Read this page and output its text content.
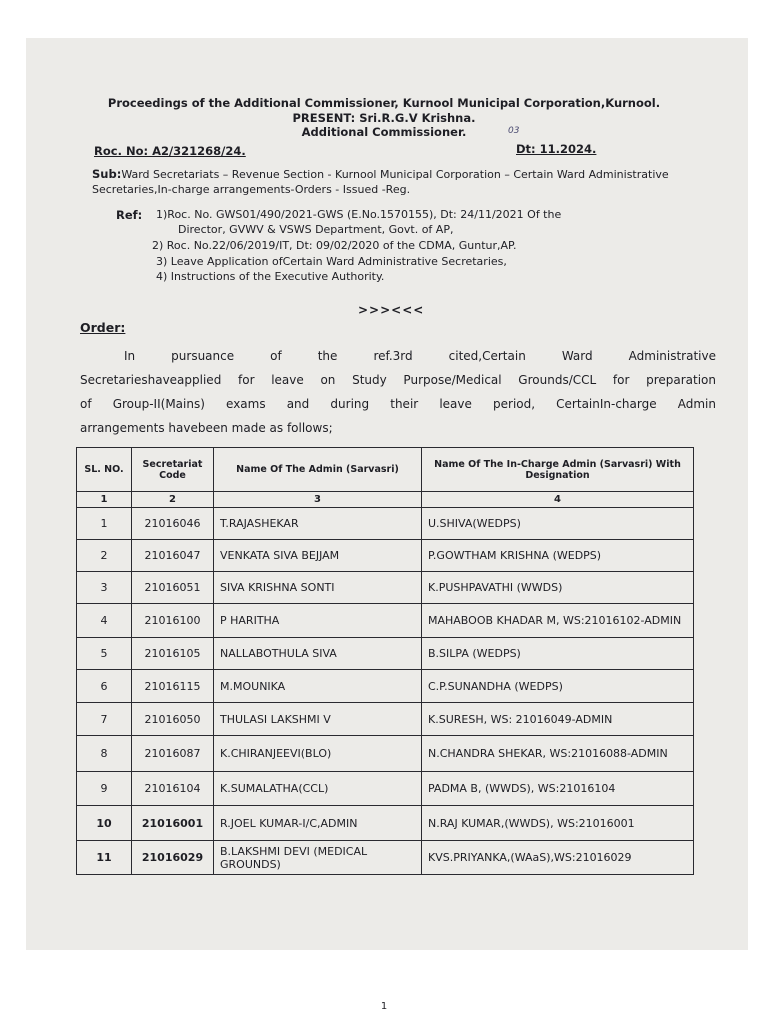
Proceedings of the Additional Commissioner, Kurnool Municipal Corporation,Kurnool.
PRESENT: Sri.R.G.V Krishna.
Additional Commissioner.	03
Roc. No: A2/321268/24.	Dt: 11.2024.
Sub:Ward Secretariats – Revenue Section - Kurnool Municipal Corporation – Certain Ward Administrative Secretaries,In-charge arrangements-Orders - Issued -Reg.
Ref: 1)Roc. No. GWS01/490/2021-GWS (E.No.1570155), Dt: 24/11/2021 Of the
Director, GVWV & VSWS Department, Govt. of AP,
2) Roc. No.22/06/2019/IT, Dt: 09/02/2020 of the CDMA, Guntur,AP.
3) Leave Application ofCertain Ward Administrative Secretaries,
4) Instructions of the Executive Authority.
>>><<<
Order:
In pursuance of the ref.3rd cited,Certain Ward Administrative
Secretarieshaveapplied for leave on Study Purpose/Medical Grounds/CCL for preparation
of Group-II(Mains) exams and during their leave period, CertainIn-charge Admin
arrangements havebeen made as follows;
SL. NO.	Secretariat Code	Name Of The Admin (Sarvasri)	Name Of The In-Charge Admin (Sarvasri) With Designation
1	2	3	4
1	21016046	T.RAJASHEKAR	U.SHIVA(WEDPS)
2	21016047	VENKATA SIVA BEJJAM	P.GOWTHAM KRISHNA (WEDPS)
3	21016051	SIVA KRISHNA SONTI	K.PUSHPAVATHI (WWDS)
4	21016100	P HARITHA	MAHABOOB KHADAR M, WS:21016102-ADMIN
5	21016105	NALLABOTHULA SIVA	B.SILPA (WEDPS)
6	21016115	M.MOUNIKA	C.P.SUNANDHA (WEDPS)
7	21016050	THULASI LAKSHMI V	K.SURESH, WS: 21016049-ADMIN
8	21016087	K.CHIRANJEEVI(BLO)	N.CHANDRA SHEKAR, WS:21016088-ADMIN
9	21016104	K.SUMALATHA(CCL)	PADMA B, (WWDS), WS:21016104
10	21016001	R.JOEL KUMAR-I/C,ADMIN	N.RAJ KUMAR,(WWDS), WS:21016001
11	21016029	B.LAKSHMI DEVI (MEDICAL GROUNDS)	KVS.PRIYANKA,(WAaS),WS:21016029
1
